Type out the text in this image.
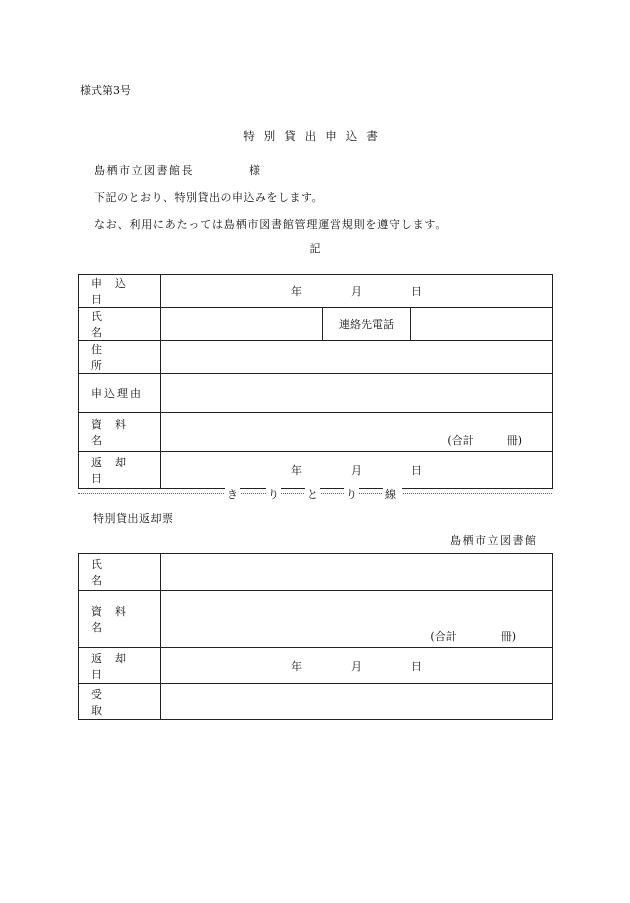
様式第3号
特別貸出申込書
島栖市立図書館長	様
下記のとおり、特別貸出の申込みをします。
なお、利用にあたっては島栖市図書館管理運営規則を遵守します。
記
申込日	年 月 日		

氏名		連絡先電話	
住所			
申込理由			
資料名	(合計　　　冊)		

返却日	年 月 日		
き	り	と	り	線
特別貸出返却票
島栖市立図書館
氏名	
資料名	(合計　　　　冊)

返却日	年 月 日

受取	
